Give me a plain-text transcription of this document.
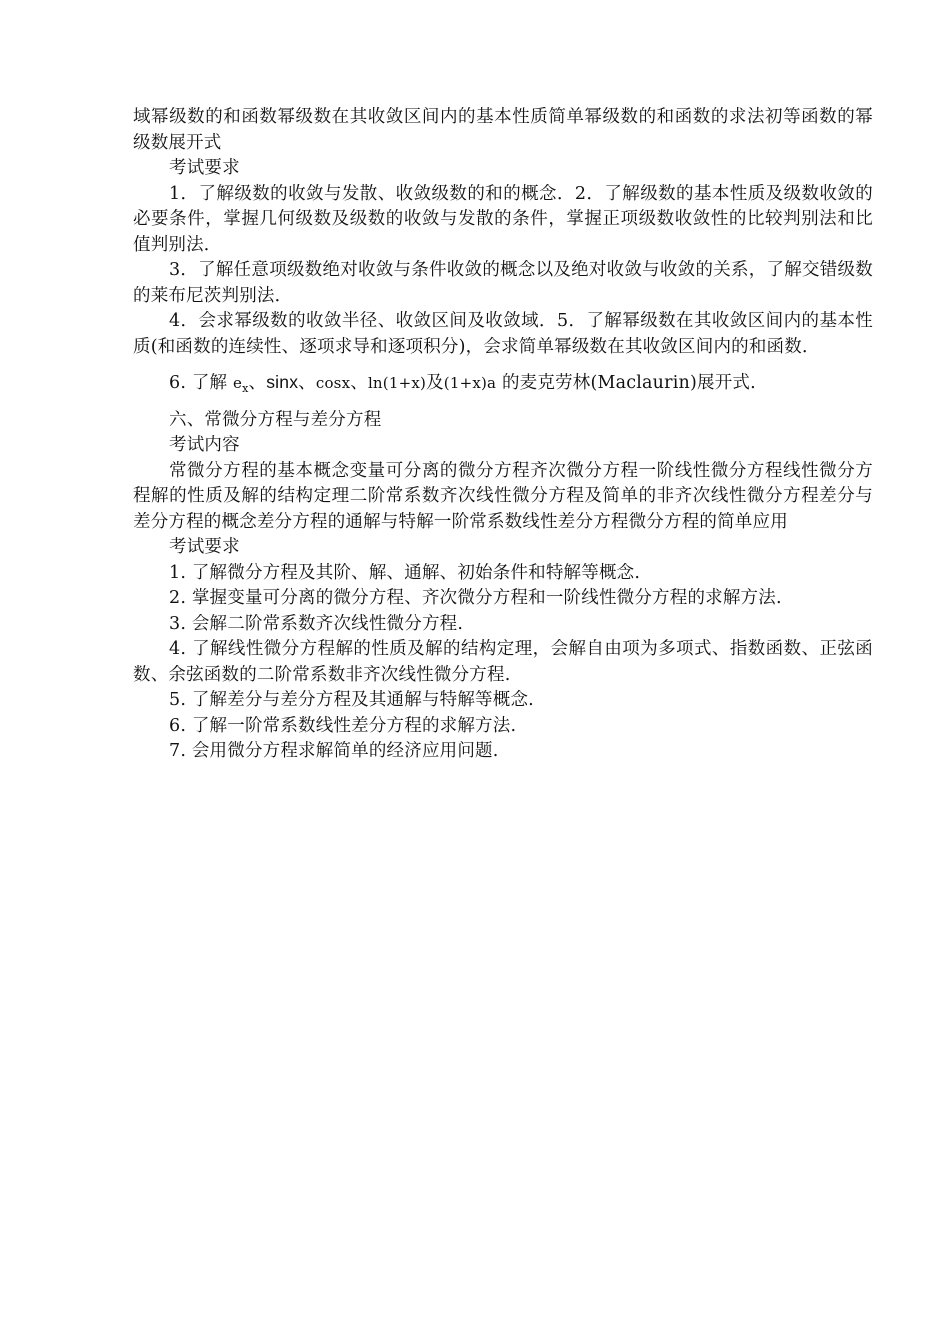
域幂级数的和函数幂级数在其收敛区间内的基本性质简单幂级数的和函数的求法初等函数的幂级数展开式

考试要求

1．了解级数的收敛与发散、收敛级数的和的概念．2．了解级数的基本性质及级数收敛的必要条件，掌握几何级数及级数的收敛与发散的条件，掌握正项级数收敛性的比较判别法和比值判别法．

3．了解任意项级数绝对收敛与条件收敛的概念以及绝对收敛与收敛的关系，了解交错级数的莱布尼茨判别法．

4．会求幂级数的收敛半径、收敛区间及收敛域．5．了解幂级数在其收敛区间内的基本性质(和函数的连续性、逐项求导和逐项积分)，会求简单幂级数在其收敛区间内的和函数．

6. 了解 $e_x$、sinx、cosx、ln(1+x)及(1+x)a 的麦克劳林(Maclaurin)展开式.

六、常微分方程与差分方程

考试内容

常微分方程的基本概念变量可分离的微分方程齐次微分方程一阶线性微分方程线性微分方程解的性质及解的结构定理二阶常系数齐次线性微分方程及简单的非齐次线性微分方程差分与差分方程的概念差分方程的通解与特解一阶常系数线性差分方程微分方程的简单应用

考试要求

1. 了解微分方程及其阶、解、通解、初始条件和特解等概念.

2. 掌握变量可分离的微分方程、齐次微分方程和一阶线性微分方程的求解方法.

3. 会解二阶常系数齐次线性微分方程.

4. 了解线性微分方程解的性质及解的结构定理，会解自由项为多项式、指数函数、正弦函数、余弦函数的二阶常系数非齐次线性微分方程.

5. 了解差分与差分方程及其通解与特解等概念.

6. 了解一阶常系数线性差分方程的求解方法.

7. 会用微分方程求解简单的经济应用问题.
